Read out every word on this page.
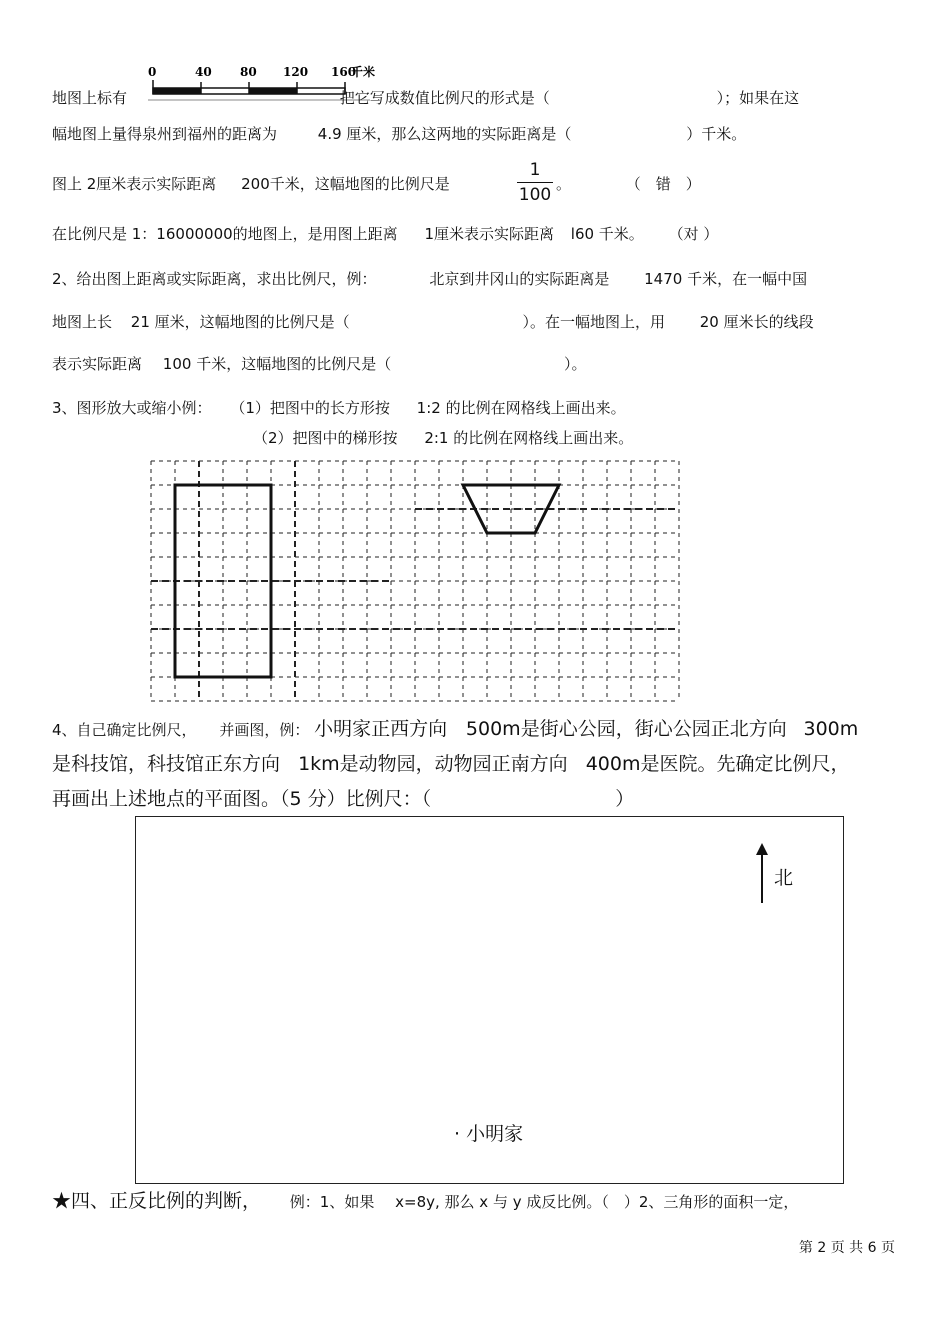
0	40 80 120 160
千米
地图上标有	把它写成数值比例尺的形式是（	）；如果在这
幅地图上量得泉州到福州的距离为	4.9 厘米，那么这两地的实际距离是（	）千米。
图上 2厘米表示实际距离 200千米，这幅地图的比例尺是
1
100
。	（　错　）
在比例尺是 1：16000000的地图上，是用图上距离 1厘米表示实际距离 l60 千米。 （对 ）
2、给出图上距离或实际距离，求出比例尺，例：	北京到井冈山的实际距离是 1470 千米，在一幅中国
地图上长 21 厘米，这幅地图的比例尺是（	）。在一幅地图上，用 20 厘米长的线段
表示实际距离 100 千米，这幅地图的比例尺是（	）。
3、图形放大或缩小例： （1）把图中的长方形按 1:2 的比例在网格线上画出来。
（2）把图中的梯形按 2:1 的比例在网格线上画出来。
4、自己确定比例尺， 并画图，例： 小明家正西方向 500m是街心公园，街心公园正北方向 300m
是科技馆，科技馆正东方向 1km是动物园，动物园正南方向 400m是医院。先确定比例尺，
再画出上述地点的平面图。（5 分）比例尺：（	）
北
· 小明家
★四、正反比例的判断， 例：1、如果 x=8y, 那么 x 与 y 成反比例。（　）2、三角形的面积一定，
第 2 页 共 6 页
